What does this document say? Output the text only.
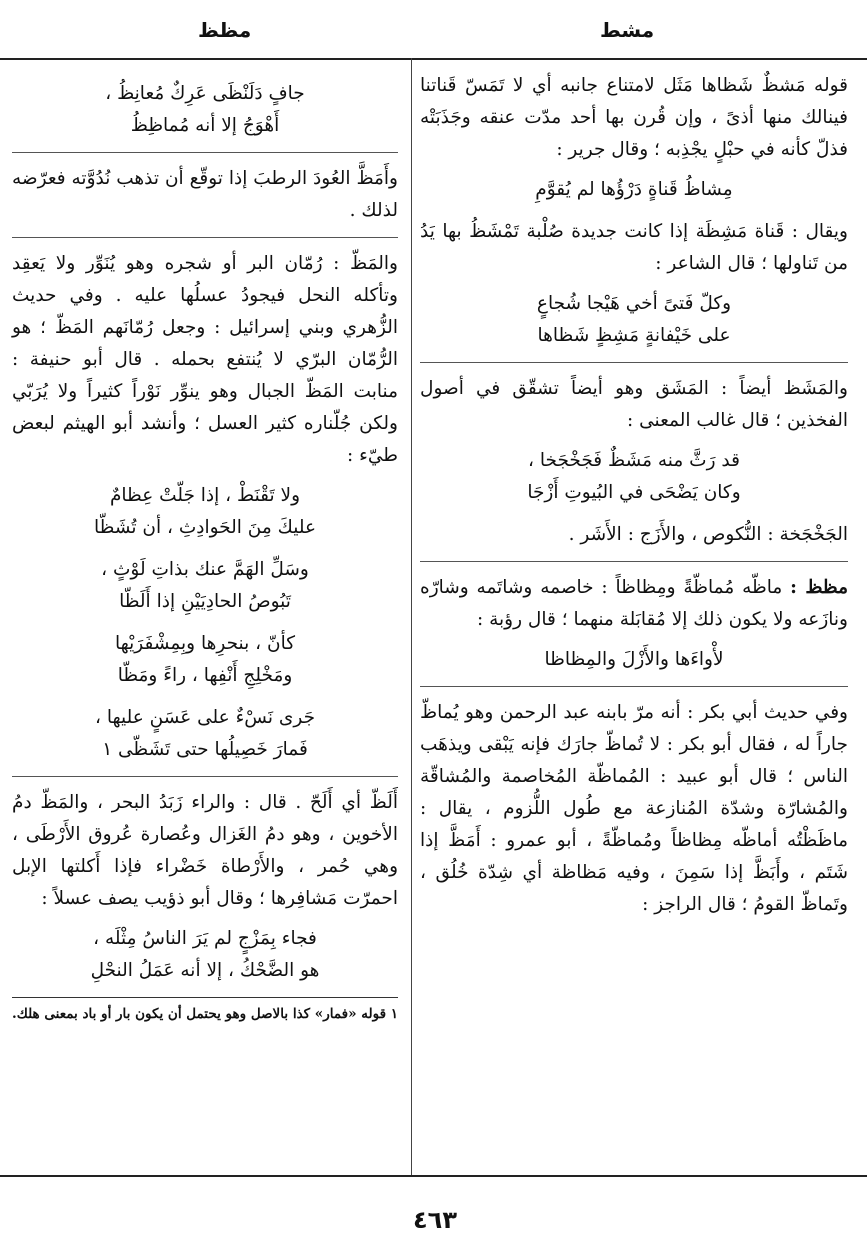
مشط
مظظ

قوله مَشظٌ شَظاها مَثَل لامتناع جانبه أي لا تَمَسّ قَناتنا فينالك منها أذىً ، وإن قُرن بها أحد مدّت عنقه وجَذَبَتْه فذلّ كأنه في حبْلٍ يجْذِبه ؛ وقال جرير :

مِشاظُ قَناةٍ دَرْؤُها لم يُقوَّمِ

ويقال : قَناة مَشِظَة إذا كانت جديدة صُلْبة تَمْشَظُ بها يَدُ من تَناولها ؛ قال الشاعر :

وكلّ فَتىً أخي هَيْجا شُجاعٍ
على خَيْفانةٍ مَشِظٍ شَظاها

والمَشَظ أيضاً : المَشَق وهو أيضاً تشقّق في أصول الفخذين ؛ قال غالب المعنى :

قد رَثَّ منه مَشَظٌ فَجَخْجَخا ،
وكان يَضْحَى في البُيوتِ أَزْجَا

الجَخْجَخة : النُّكوص ، والأَزَج : الأَشَر .

مظظ : ماظّه مُماظّةً ومِظاظاً : خاصمه وشاتَمه وشارّه ونازَعه ولا يكون ذلك إلا مُقابَلة منهما ؛ قال رؤبة :

لأْواءَها والأَزْلَ والمِظاظا

وفي حديث أبي بكر : أنه مرّ بابنه عبد الرحمن وهو يُماظّ جاراً له ، فقال أبو بكر : لا تُماظّ جارَك فإنه يَبْقى ويذهَب الناس ؛ قال أبو عبيد : المُماظّة المُخاصمة والمُشاقّة والمُشارّة وشدّة المُنازعة مع طُول اللُّزوم ، يقال : ماظَظْتُه أماظّه مِظاظاً ومُماظّةً ، أبو عمرو : أَمَظَّ إذا شَتَم ، وأَبَظَّ إذا سَمِنَ ، وفيه مَظاظة أي شِدّة خُلُق ، وتَماظّ القومُ ؛ قال الراجز :

جافٍ دَلَنْظَى عَرِكٌ مُعانِظُ ،
أَهْوَجُ إلا أنه مُماظِظُ

وأَمَظَّ العُودَ الرطبَ إذا توقّع أن تذهب نُدُوَّته فعرّضه لذلك .

والمَظّ : رُمّان البر أو شجره وهو يُنَوِّر ولا يَعقِد وتأكله النحل فيجودُ عسلُها عليه . وفي حديث الزُّهري وبني إسرائيل : وجعل رُمّانَهم المَظّ ؛ هو الرُّمّان البرّي لا يُنتفع بحمله . قال أبو حنيفة : منابت المَظّ الجبال وهو ينوِّر نَوْراً كثيراً ولا يُرَبّي ولكن جُلّناره كثير العسل ؛ وأنشد أبو الهيثم لبعض طيّء :

ولا تَقْنَطْ ، إذا جَلّتْ عِظامٌ
عليكَ مِنَ الحَوادِثِ ، أن تُشَظّا
وسَلِّ الهَمَّ عنك بذاتِ لَوْثٍ ،
تَبُوصُ الحادِيَيْنِ إذا أَلَظّا
كأنّ ، بنحرِها وبِمِشْفَرَيْها
ومَخْلِجِ أَنْفِها ، راءً ومَظّا
جَرى نَسْءٌ على عَسَنٍ عليها ،
فَمارَ خَصِيلُها حتى تَشَظّى ١

أَلَظّ أي أَلَحّ . قال : والراء زَبَدُ البحر ، والمَظّ دمُ الأخوين ، وهو دمُ الغَزال وعُصارة عُروق الأَرْطَى ، وهي حُمر ، والأَرْطاة خَضْراء فإذا أَكلتها الإبل احمرّت مَشافِرها ؛ وقال أبو ذؤيب يصف عسلاً :

فجاء بِمَزْجٍ لم يَرَ الناسُ مِثْلَه ،
هو الضَّحْكُ ، إلا أنه عَمَلُ النحْلِ
١ قوله «فمار» كذا بالاصل وهو يحتمل أن يكون بار أو باد بمعنى هلك.
٤٦٣
